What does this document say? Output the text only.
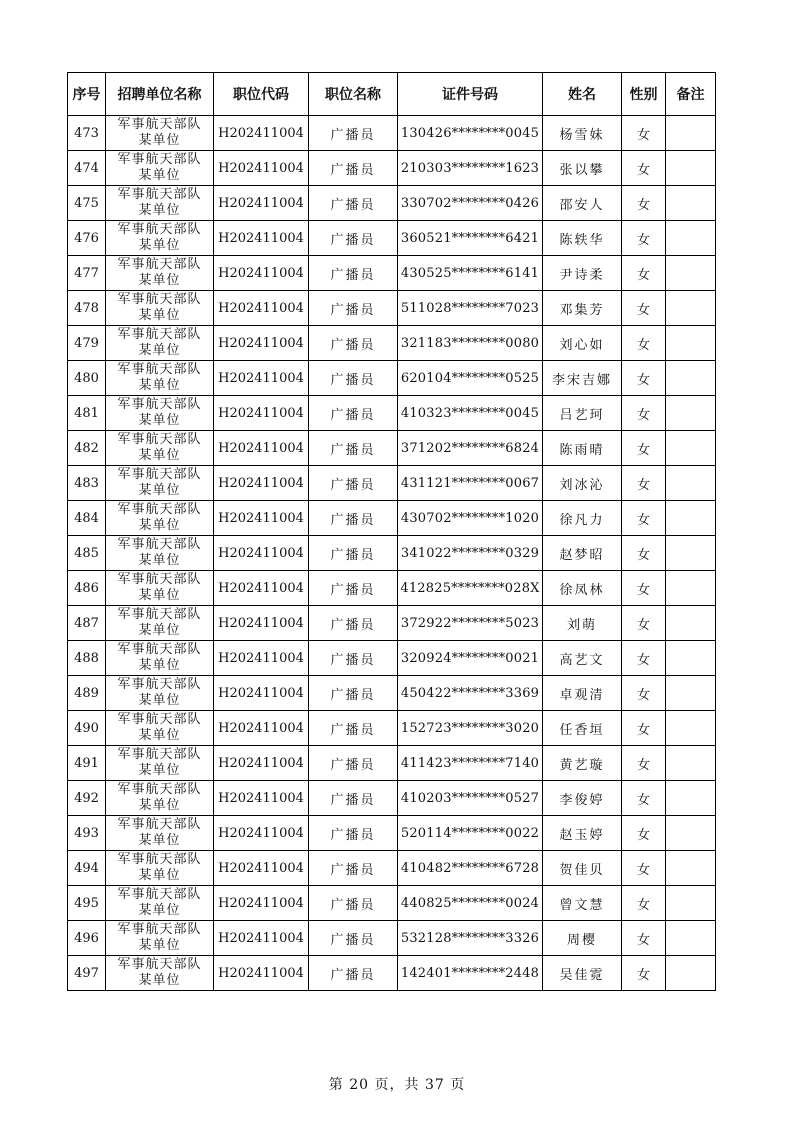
序号	招聘单位名称	职位代码	职位名称	证件号码	姓名	性别	备注
473	军事航天部队
某单位	H202411004	广播员	130426********0045	杨雪妹	女	
474	军事航天部队
某单位	H202411004	广播员	210303********1623	张以攀	女	
475	军事航天部队
某单位	H202411004	广播员	330702********0426	邵安人	女	
476	军事航天部队
某单位	H202411004	广播员	360521********6421	陈轶华	女	
477	军事航天部队
某单位	H202411004	广播员	430525********6141	尹诗柔	女	
478	军事航天部队
某单位	H202411004	广播员	511028********7023	邓集芳	女	
479	军事航天部队
某单位	H202411004	广播员	321183********0080	刘心如	女	
480	军事航天部队
某单位	H202411004	广播员	620104********0525	李宋吉娜	女	
481	军事航天部队
某单位	H202411004	广播员	410323********0045	吕艺珂	女	
482	军事航天部队
某单位	H202411004	广播员	371202********6824	陈雨晴	女	
483	军事航天部队
某单位	H202411004	广播员	431121********0067	刘冰沁	女	
484	军事航天部队
某单位	H202411004	广播员	430702********1020	徐凡力	女	
485	军事航天部队
某单位	H202411004	广播员	341022********0329	赵梦昭	女	
486	军事航天部队
某单位	H202411004	广播员	412825********028X	徐凤林	女	
487	军事航天部队
某单位	H202411004	广播员	372922********5023	刘萌	女	
488	军事航天部队
某单位	H202411004	广播员	320924********0021	高艺文	女	
489	军事航天部队
某单位	H202411004	广播员	450422********3369	卓观清	女	
490	军事航天部队
某单位	H202411004	广播员	152723********3020	任香垣	女	
491	军事航天部队
某单位	H202411004	广播员	411423********7140	黄艺璇	女	
492	军事航天部队
某单位	H202411004	广播员	410203********0527	李俊婷	女	
493	军事航天部队
某单位	H202411004	广播员	520114********0022	赵玉婷	女	
494	军事航天部队
某单位	H202411004	广播员	410482********6728	贺佳贝	女	
495	军事航天部队
某单位	H202411004	广播员	440825********0024	曾文慧	女	
496	军事航天部队
某单位	H202411004	广播员	532128********3326	周樱	女	
497	军事航天部队
某单位	H202411004	广播员	142401********2448	吴佳霓	女	
第 20 页，共 37 页
